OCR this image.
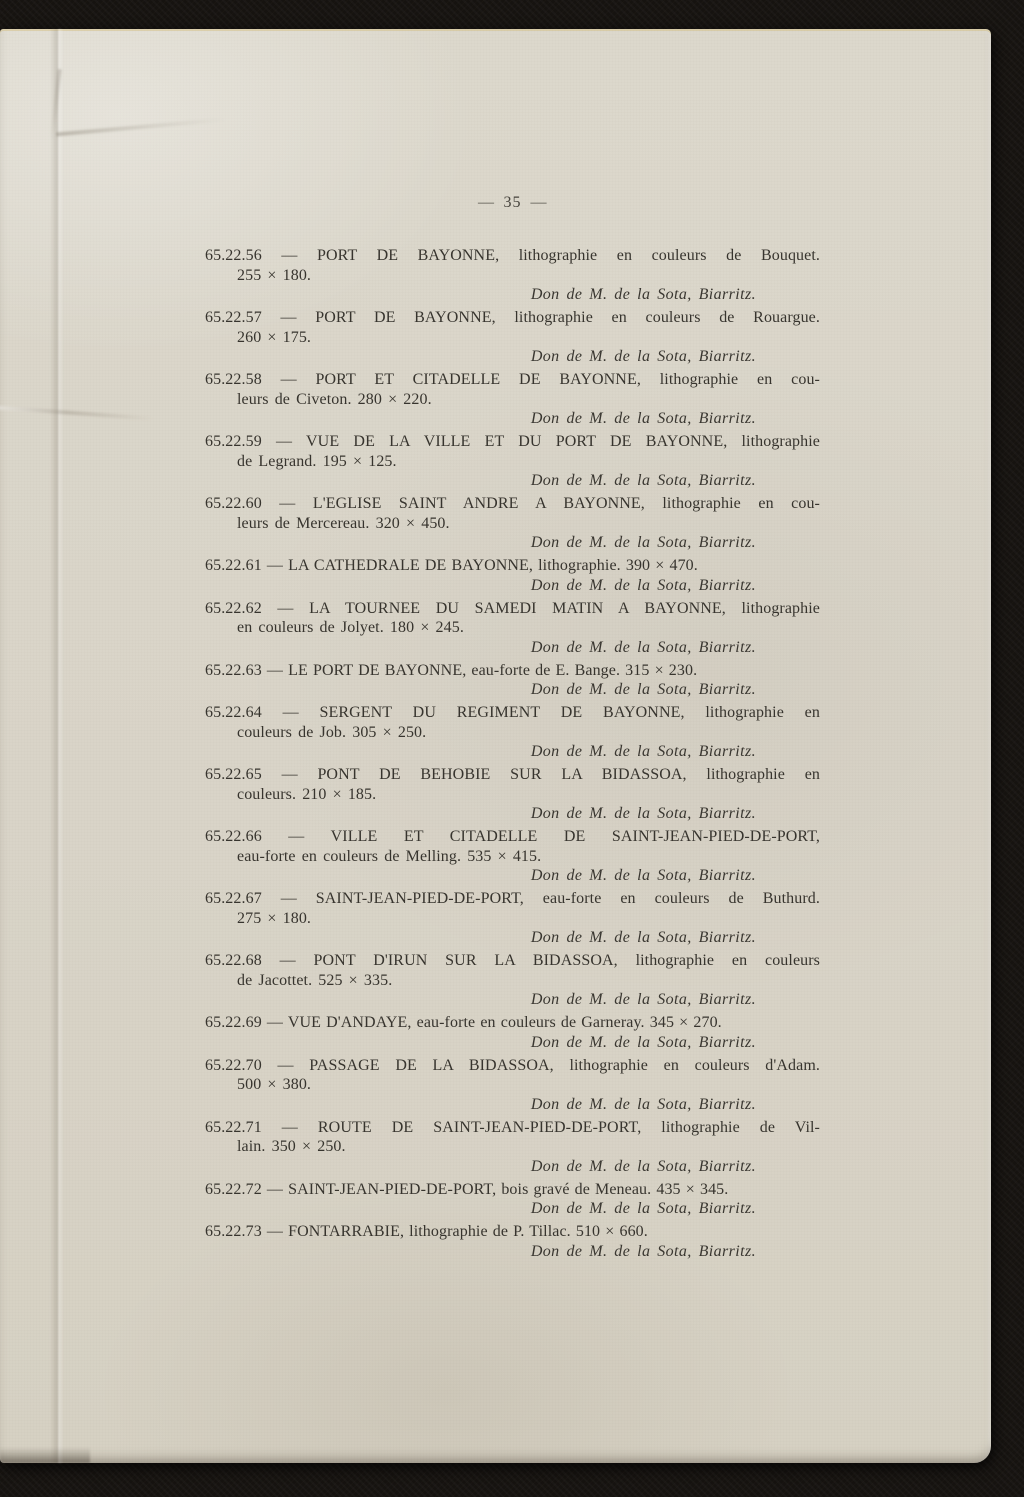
— 35 —

65.22.56 — PORT DE BAYONNE, lithographie en couleurs de Bouquet.

255 × 180.

Don de M. de la Sota, Biarritz.

65.22.57 — PORT DE BAYONNE, lithographie en couleurs de Rouargue.

260 × 175.

Don de M. de la Sota, Biarritz.

65.22.58 — PORT ET CITADELLE DE BAYONNE, lithographie en cou-

leurs de Civeton. 280 × 220.

Don de M. de la Sota, Biarritz.

65.22.59 — VUE DE LA VILLE ET DU PORT DE BAYONNE, lithographie

de Legrand. 195 × 125.

Don de M. de la Sota, Biarritz.

65.22.60 — L'EGLISE SAINT ANDRE A BAYONNE, lithographie en cou-

leurs de Mercereau. 320 × 450.

Don de M. de la Sota, Biarritz.

65.22.61 — LA CATHEDRALE DE BAYONNE, lithographie. 390 × 470.

Don de M. de la Sota, Biarritz.

65.22.62 — LA TOURNEE DU SAMEDI MATIN A BAYONNE, lithographie

en couleurs de Jolyet. 180 × 245.

Don de M. de la Sota, Biarritz.

65.22.63 — LE PORT DE BAYONNE, eau-forte de E. Bange. 315 × 230.

Don de M. de la Sota, Biarritz.

65.22.64 — SERGENT DU REGIMENT DE BAYONNE, lithographie en

couleurs de Job. 305 × 250.

Don de M. de la Sota, Biarritz.

65.22.65 — PONT DE BEHOBIE SUR LA BIDASSOA, lithographie en

couleurs. 210 × 185.

Don de M. de la Sota, Biarritz.

65.22.66 — VILLE ET CITADELLE DE SAINT-JEAN-PIED-DE-PORT,

eau-forte en couleurs de Melling. 535 × 415.

Don de M. de la Sota, Biarritz.

65.22.67 — SAINT-JEAN-PIED-DE-PORT, eau-forte en couleurs de Buthurd.

275 × 180.

Don de M. de la Sota, Biarritz.

65.22.68 — PONT D'IRUN SUR LA BIDASSOA, lithographie en couleurs

de Jacottet. 525 × 335.

Don de M. de la Sota, Biarritz.

65.22.69 — VUE D'ANDAYE, eau-forte en couleurs de Garneray. 345 × 270.

Don de M. de la Sota, Biarritz.

65.22.70 — PASSAGE DE LA BIDASSOA, lithographie en couleurs d'Adam.

500 × 380.

Don de M. de la Sota, Biarritz.

65.22.71 — ROUTE DE SAINT-JEAN-PIED-DE-PORT, lithographie de Vil-

lain. 350 × 250.

Don de M. de la Sota, Biarritz.

65.22.72 — SAINT-JEAN-PIED-DE-PORT, bois gravé de Meneau. 435 × 345.

Don de M. de la Sota, Biarritz.

65.22.73 — FONTARRABIE, lithographie de P. Tillac. 510 × 660.

Don de M. de la Sota, Biarritz.
